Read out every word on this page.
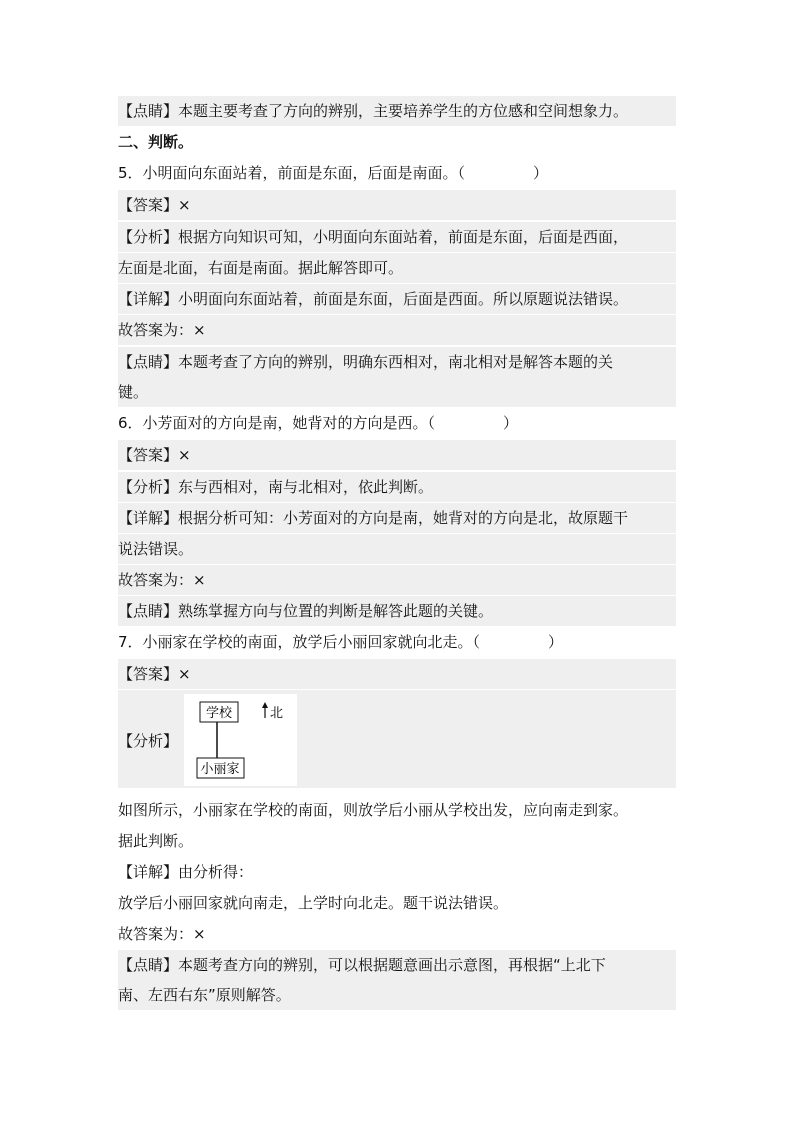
【点睛】本题主要考查了方向的辨别，主要培养学生的方位感和空间想象力。
二、判断。
5．小明面向东面站着，前面是东面，后面是南面。（	）
【答案】×
【分析】根据方向知识可知，小明面向东面站着，前面是东面，后面是西面，
左面是北面，右面是南面。据此解答即可。
【详解】小明面向东面站着，前面是东面，后面是西面。所以原题说法错误。
故答案为：×
【点睛】本题考查了方向的辨别，明确东西相对，南北相对是解答本题的关
键。
6．小芳面对的方向是南，她背对的方向是西。（	）
【答案】×
【分析】东与西相对，南与北相对，依此判断。
【详解】根据分析可知：小芳面对的方向是南，她背对的方向是北，故原题干
说法错误。
故答案为：×
【点睛】熟练掌握方向与位置的判断是解答此题的关键。
7．小丽家在学校的南面，放学后小丽回家就向北走。（	）
【答案】×
【分析】
学校
小丽家
北
如图所示，小丽家在学校的南面，则放学后小丽从学校出发，应向南走到家。
据此判断。
【详解】由分析得：
放学后小丽回家就向南走，上学时向北走。题干说法错误。
故答案为：×
【点睛】本题考查方向的辨别，可以根据题意画出示意图，再根据“上北下
南、左西右东”原则解答。
